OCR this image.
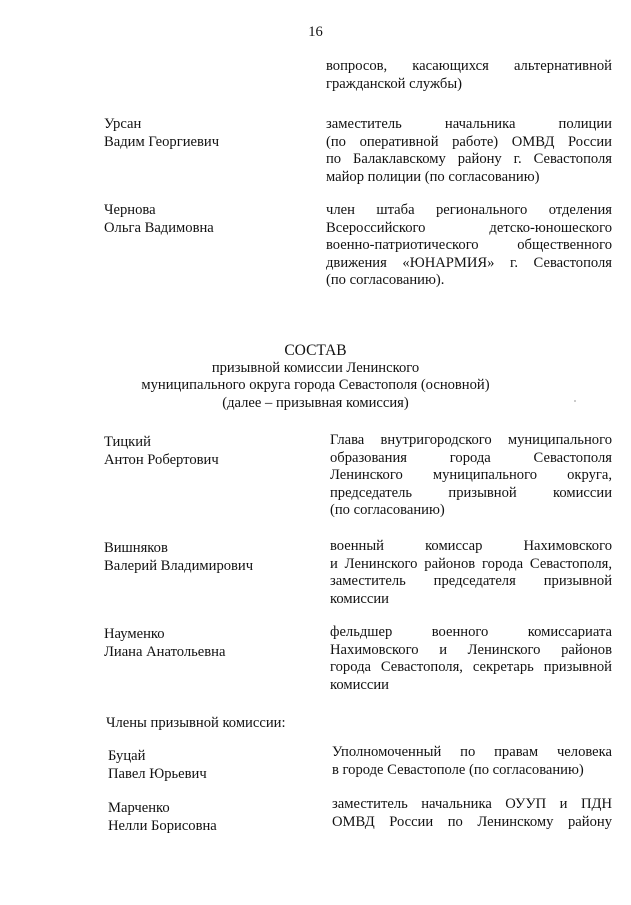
16
вопросов, касающихся альтернативной
гражданской службы)
Урсан
Вадим Георгиевич
заместитель начальника полиции
(по оперативной работе) ОМВД России
по Балаклавскому району г. Севастополя
майор полиции (по согласованию)
Чернова
Ольга Вадимовна
член штаба регионального отделения
Всероссийского детско-юношеского
военно-патриотического общественного
движения «ЮНАРМИЯ» г. Севастополя
(по согласованию).
СОСТАВ
призывной комиссии Ленинского
муниципального округа города Севастополя (основной)
(далее – призывная комиссия)
Тицкий
Антон Робертович
Глава внутригородского муниципального
образования города Севастополя
Ленинского муниципального округа,
председатель призывной комиссии
(по согласованию)
Вишняков
Валерий Владимирович
военный комиссар Нахимовского
и Ленинского районов города Севастополя,
заместитель председателя призывной
комиссии
Науменко
Лиана Анатольевна
фельдшер военного комиссариата
Нахимовского и Ленинского районов
города Севастополя, секретарь призывной
комиссии
Члены призывной комиссии:
Буцай
Павел Юрьевич
Уполномоченный по правам человека
в городе Севастополе (по согласованию)
Марченко
Нелли Борисовна
заместитель начальника ОУУП и ПДН
ОМВД России по Ленинскому району
